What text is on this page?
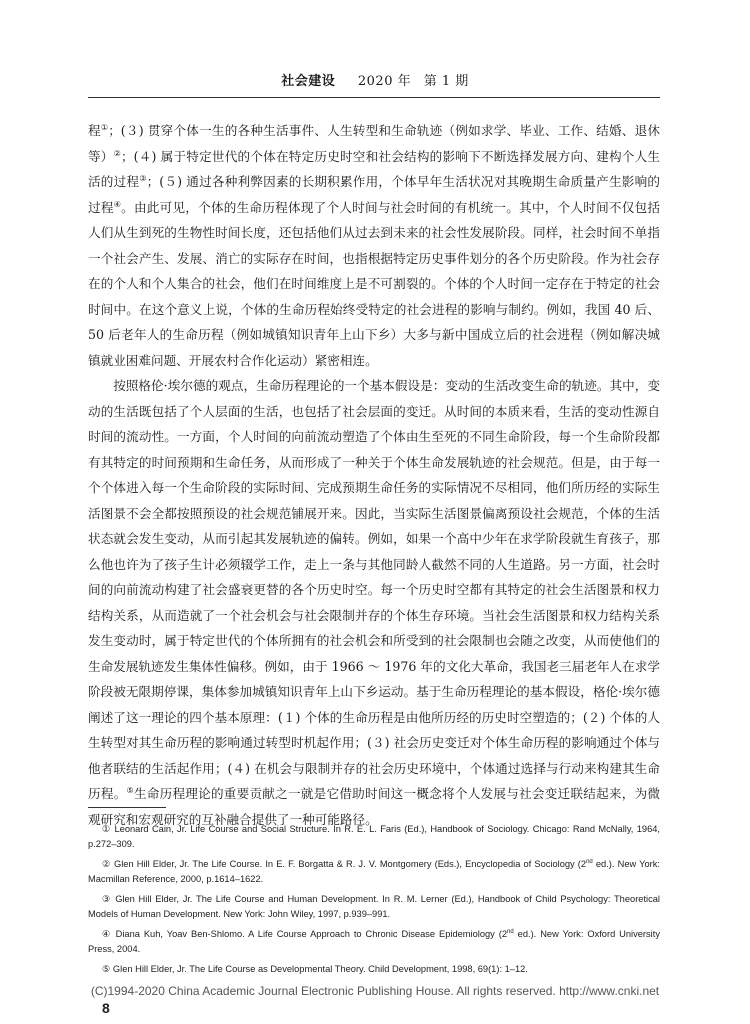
社会建设 2020 年 第 1 期

程①；(３) 贯穿个体一生的各种生活事件、人生转型和生命轨迹（例如求学、毕业、工作、结婚、退休等）②；(４) 属于特定世代的个体在特定历史时空和社会结构的影响下不断选择发展方向、建构个人生活的过程③；(５) 通过各种利弊因素的长期积累作用，个体早年生活状况对其晚期生命质量产生影响的过程④。由此可见，个体的生命历程体现了个人时间与社会时间的有机统一。其中，个人时间不仅包括人们从生到死的生物性时间长度，还包括他们从过去到未来的社会性发展阶段。同样，社会时间不单指一个社会产生、发展、消亡的实际存在时间，也指根据特定历史事件划分的各个历史阶段。作为社会存在的个人和个人集合的社会，他们在时间维度上是不可割裂的。个体的个人时间一定存在于特定的社会时间中。在这个意义上说，个体的生命历程始终受特定的社会进程的影响与制约。例如，我国 40 后、50 后老年人的生命历程（例如城镇知识青年上山下乡）大多与新中国成立后的社会进程（例如解决城镇就业困难问题、开展农村合作化运动）紧密相连。

按照格伦·埃尔德的观点，生命历程理论的一个基本假设是：变动的生活改变生命的轨迹。其中，变动的生活既包括了个人层面的生活，也包括了社会层面的变迁。从时间的本质来看，生活的变动性源自时间的流动性。一方面，个人时间的向前流动塑造了个体由生至死的不同生命阶段，每一个生命阶段都有其特定的时间预期和生命任务，从而形成了一种关于个体生命发展轨迹的社会规范。但是，由于每一个个体进入每一个生命阶段的实际时间、完成预期生命任务的实际情况不尽相同，他们所历经的实际生活图景不会全都按照预设的社会规范铺展开来。因此，当实际生活图景偏离预设社会规范，个体的生活状态就会发生变动，从而引起其发展轨迹的偏转。例如，如果一个高中少年在求学阶段就生育孩子，那么他也许为了孩子生计必须辍学工作，走上一条与其他同龄人截然不同的人生道路。另一方面，社会时间的向前流动构建了社会盛衰更替的各个历史时空。每一个历史时空都有其特定的社会生活图景和权力结构关系，从而造就了一个社会机会与社会限制并存的个体生存环境。当社会生活图景和权力结构关系发生变动时，属于特定世代的个体所拥有的社会机会和所受到的社会限制也会随之改变，从而使他们的生命发展轨迹发生集体性偏移。例如，由于 1966 ～ 1976 年的文化大革命，我国老三届老年人在求学阶段被无限期停课，集体参加城镇知识青年上山下乡运动。基于生命历程理论的基本假设，格伦·埃尔德阐述了这一理论的四个基本原理：(１) 个体的生命历程是由他所历经的历史时空塑造的；(２) 个体的人生转型对其生命历程的影响通过转型时机起作用；(３) 社会历史变迁对个体生命历程的影响通过个体与他者联结的生活起作用；(４) 在机会与限制并存的社会历史环境中，个体通过选择与行动来构建其生命历程。⑤生命历程理论的重要贡献之一就是它借助时间这一概念将个人发展与社会变迁联结起来，为微观研究和宏观研究的互补融合提供了一种可能路径。

① Leonard Cain, Jr. Life Course and Social Structure. In R. E. L. Faris (Ed.), Handbook of Sociology. Chicago: Rand McNally, 1964, p.272–309.

② Glen Hill Elder, Jr. The Life Course. In E. F. Borgatta & R. J. V. Montgomery (Eds.), Encyclopedia of Sociology (2nd ed.). New York: Macmillan Reference, 2000, p.1614–1622.

③ Glen Hill Elder, Jr. The Life Course and Human Development. In R. M. Lerner (Ed.), Handbook of Child Psychology: Theoretical Models of Human Development. New York: John Wiley, 1997, p.939–991.

④ Diana Kuh, Yoav Ben-Shlomo. A Life Course Approach to Chronic Disease Epidemiology (2nd ed.). New York: Oxford University Press, 2004.

⑤ Glen Hill Elder, Jr. The Life Course as Developmental Theory. Child Development, 1998, 69(1): 1–12.

(C)1994-2020 China Academic Journal Electronic Publishing House. All rights reserved. http://www.cnki.net
8
